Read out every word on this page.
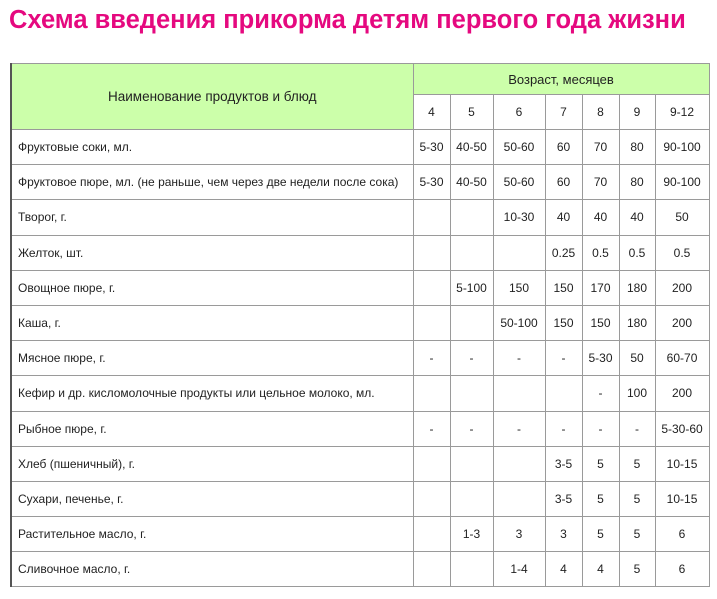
Схема введения прикорма детям первого года жизни
Наименование продуктов и блюд	Возраст, месяцев						
	4	5	6	7	8	9	9-12
Фруктовые соки, мл.	5-30	40-50	50-60	60	70	80	90-100
Фруктовое пюре, мл. (не раньше, чем через две недели после сока)	5-30	40-50	50-60	60	70	80	90-100
Творог, г.			10-30	40	40	40	50
Желток, шт.				0.25	0.5	0.5	0.5
Овощное пюре, г.		5-100	150	150	170	180	200
Каша, г.			50-100	150	150	180	200
Мясное пюре, г.	-	-	-	-	5-30	50	60-70
Кефир и др. кисломолочные продукты или цельное молоко, мл.					-	100	200
Рыбное пюре, г.	-	-	-	-	-	-	5-30-60
Хлеб (пшеничный), г.				3-5	5	5	10-15
Сухари, печенье, г.				3-5	5	5	10-15
Растительное масло, г.		1-3	3	3	5	5	6
Сливочное масло, г.			1-4	4	4	5	6
